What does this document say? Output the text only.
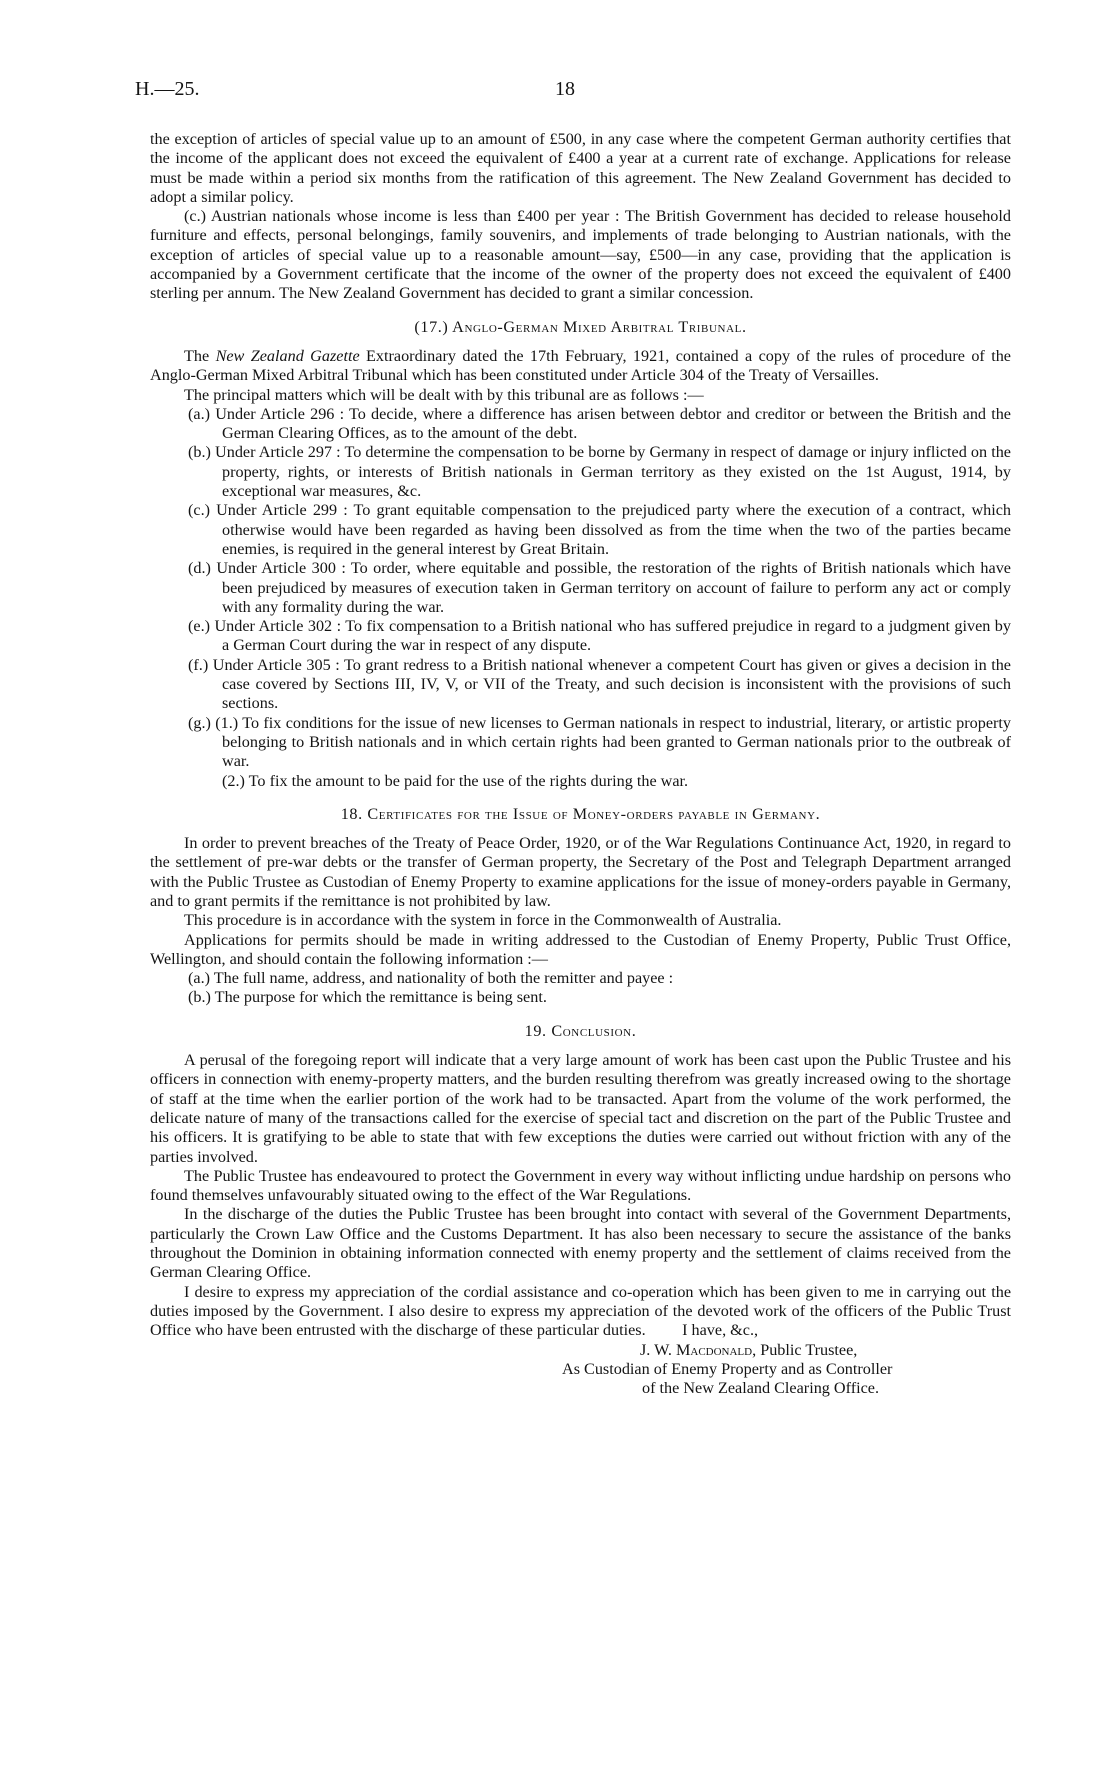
H.—25.	18

the exception of articles of special value up to an amount of £500, in any case where the competent German authority certifies that the income of the applicant does not exceed the equivalent of £400 a year at a current rate of exchange. Applications for release must be made within a period six months from the ratification of this agreement. The New Zealand Government has decided to adopt a similar policy.

(c.) Austrian nationals whose income is less than £400 per year : The British Government has decided to release household furniture and effects, personal belongings, family souvenirs, and implements of trade belonging to Austrian nationals, with the exception of articles of special value up to a reasonable amount—say, £500—in any case, providing that the application is accompanied by a Government certificate that the income of the owner of the property does not exceed the equivalent of £400 sterling per annum. The New Zealand Government has decided to grant a similar concession.

(17.) Anglo-German Mixed Arbitral Tribunal.

The New Zealand Gazette Extraordinary dated the 17th February, 1921, contained a copy of the rules of procedure of the Anglo-German Mixed Arbitral Tribunal which has been constituted under Article 304 of the Treaty of Versailles.

The principal matters which will be dealt with by this tribunal are as follows :—

(a.) Under Article 296 : To decide, where a difference has arisen between debtor and creditor or between the British and the German Clearing Offices, as to the amount of the debt.

(b.) Under Article 297 : To determine the compensation to be borne by Germany in respect of damage or injury inflicted on the property, rights, or interests of British nationals in German territory as they existed on the 1st August, 1914, by exceptional war measures, &c.

(c.) Under Article 299 : To grant equitable compensation to the prejudiced party where the execution of a contract, which otherwise would have been regarded as having been dissolved as from the time when the two of the parties became enemies, is required in the general interest by Great Britain.

(d.) Under Article 300 : To order, where equitable and possible, the restoration of the rights of British nationals which have been prejudiced by measures of execution taken in German territory on account of failure to perform any act or comply with any formality during the war.

(e.) Under Article 302 : To fix compensation to a British national who has suffered prejudice in regard to a judgment given by a German Court during the war in respect of any dispute.

(f.) Under Article 305 : To grant redress to a British national whenever a competent Court has given or gives a decision in the case covered by Sections III, IV, V, or VII of the Treaty, and such decision is inconsistent with the provisions of such sections.

(g.) (1.) To fix conditions for the issue of new licenses to German nationals in respect to industrial, literary, or artistic property belonging to British nationals and in which certain rights had been granted to German nationals prior to the outbreak of war.

(2.) To fix the amount to be paid for the use of the rights during the war.

18. Certificates for the Issue of Money-orders payable in Germany.

In order to prevent breaches of the Treaty of Peace Order, 1920, or of the War Regulations Continuance Act, 1920, in regard to the settlement of pre-war debts or the transfer of German property, the Secretary of the Post and Telegraph Department arranged with the Public Trustee as Custodian of Enemy Property to examine applications for the issue of money-orders payable in Germany, and to grant permits if the remittance is not prohibited by law.

This procedure is in accordance with the system in force in the Commonwealth of Australia.

Applications for permits should be made in writing addressed to the Custodian of Enemy Property, Public Trust Office, Wellington, and should contain the following information :—

(a.) The full name, address, and nationality of both the remitter and payee :

(b.) The purpose for which the remittance is being sent.

19. Conclusion.

A perusal of the foregoing report will indicate that a very large amount of work has been cast upon the Public Trustee and his officers in connection with enemy-property matters, and the burden resulting therefrom was greatly increased owing to the shortage of staff at the time when the earlier portion of the work had to be transacted. Apart from the volume of the work performed, the delicate nature of many of the transactions called for the exercise of special tact and discretion on the part of the Public Trustee and his officers. It is gratifying to be able to state that with few exceptions the duties were carried out without friction with any of the parties involved.

The Public Trustee has endeavoured to protect the Government in every way without inflicting undue hardship on persons who found themselves unfavourably situated owing to the effect of the War Regulations.

In the discharge of the duties the Public Trustee has been brought into contact with several of the Government Departments, particularly the Crown Law Office and the Customs Department. It has also been necessary to secure the assistance of the banks throughout the Dominion in obtaining information connected with enemy property and the settlement of claims received from the German Clearing Office.

I desire to express my appreciation of the cordial assistance and co-operation which has been given to me in carrying out the duties imposed by the Government. I also desire to express my appreciation of the devoted work of the officers of the Public Trust Office who have been entrusted with the discharge of these particular duties. I have, &c.,

J. W. Macdonald, Public Trustee,
As Custodian of Enemy Property and as Controller
of the New Zealand Clearing Office.
